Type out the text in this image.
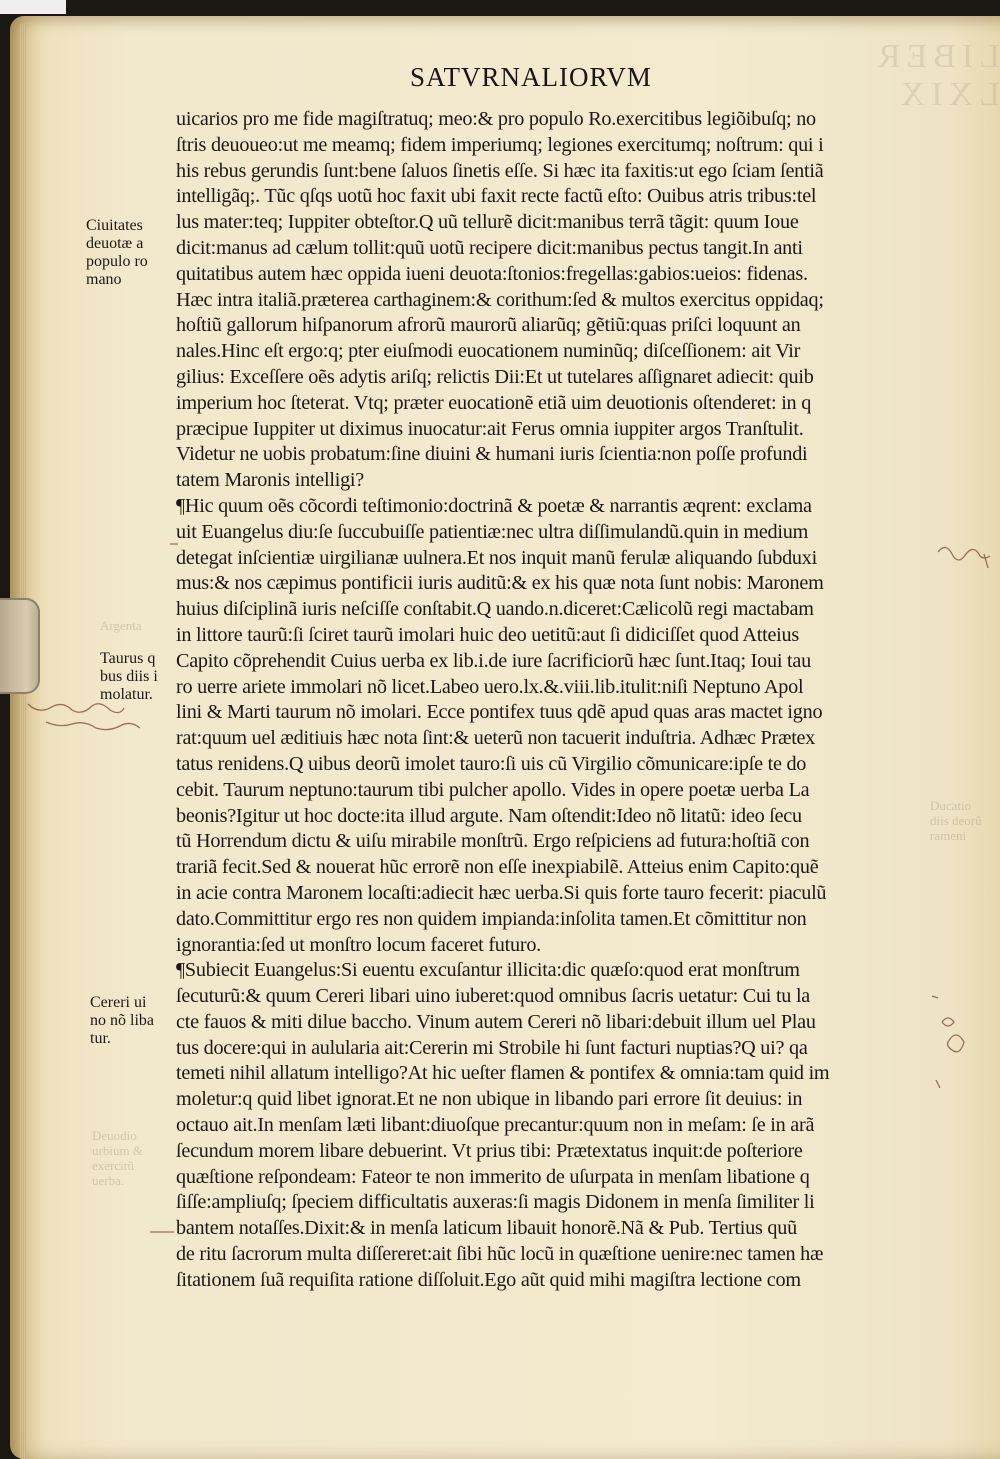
LIBER LXIX
Argenta

Ducatio
diis deorũ
rameni
Deuodio
urbium &
exercitũ
uerba.
SATVRNALIORVM
uicarios pro me fide magiſtratuq; meo:& pro populo Ro.exercitibus legiõibuſq; no
ſtris deuoueo:ut me meamq; fidem imperiumq; legiones exercitumq; noſtrum: qui i
his rebus gerundis ſunt:bene ſaluos ſinetis eſſe. Si hæc ita faxitis:ut ego ſciam ſentiã
intelligãq;. Tũc qſqs uotũ hoc faxit ubi faxit recte factũ eſto: Ouibus atris tribus:tel
lus mater:teq; Iuppiter obteſtor.Q uũ tellurẽ dicit:manibus terrã tãgit: quum Ioue
dicit:manus ad cælum tollit:quũ uotũ recipere dicit:manibus pectus tangit.In anti
quitatibus autem hæc oppida iueni deuota:ſtonios:fregellas:gabios:ueios: fidenas.
Hæc intra italiã.præterea carthaginem:& corithum:ſed & multos exercitus oppidaq;
hoſtiũ gallorum hiſpanorum afrorũ maurorũ aliarũq; gẽtiũ:quas priſci loquunt an
nales.Hinc eſt ergo:q; pter eiuſmodi euocationem numinũq; diſceſſionem: ait Vir
gilius: Exceſſere oẽs adytis ariſq; relictis Dii:Et ut tutelares aſſignaret adiecit: quib
imperium hoc ſteterat. Vtq; præter euocationẽ etiã uim deuotionis oſtenderet: in q
præcipue Iuppiter ut diximus inuocatur:ait Ferus omnia iuppiter argos Tranſtulit.
Videtur ne uobis probatum:ſine diuini & humani iuris ſcientia:non poſſe profundi
tatem Maronis intelligi?
¶Hic quum oẽs cõcordi teſtimonio:doctrinã & poetæ & narrantis æqrent: exclama
uit Euangelus diu:ſe ſuccubuiſſe patientiæ:nec ultra diſſimulandũ.quin in medium
detegat inſcientiæ uirgilianæ uulnera.Et nos inquit manũ ferulæ aliquando ſubduxi
mus:& nos cæpimus pontificii iuris auditũ:& ex his quæ nota ſunt nobis: Maronem
huius diſciplinã iuris neſciſſe conſtabit.Q uando.n.diceret:Cælicolũ regi mactabam
in littore taurũ:ſi ſciret taurũ imolari huic deo uetitũ:aut ſi didiciſſet quod Atteius
Capito cõprehendit Cuius uerba ex lib.i.de iure ſacrificiorũ hæc ſunt.Itaq; Ioui tau
ro uerre ariete immolari nõ licet.Labeo uero.lx.&.viii.lib.itulit:niſi Neptuno Apol
lini & Marti taurum nõ imolari. Ecce pontifex tuus qdẽ apud quas aras mactet igno
rat:quum uel æditiuis hæc nota ſint:& ueterũ non tacuerit induſtria. Adhæc Prætex
tatus renidens.Q uibus deorũ imolet tauro:ſi uis cũ Virgilio cõmunicare:ipſe te do
cebit. Taurum neptuno:taurum tibi pulcher apollo. Vides in opere poetæ uerba La
beonis?Igitur ut hoc docte:ita illud argute. Nam oſtendit:Ideo nõ litatũ: ideo ſecu
tũ Horrendum dictu & uiſu mirabile monſtrũ. Ergo reſpiciens ad futura:hoſtiã con
trariã fecit.Sed & nouerat hũc errorẽ non eſſe inexpiabilẽ. Atteius enim Capito:quẽ
in acie contra Maronem locaſti:adiecit hæc uerba.Si quis forte tauro fecerit: piaculũ
dato.Committitur ergo res non quidem impianda:inſolita tamen.Et cõmittitur non
ignorantia:ſed ut monſtro locum faceret futuro.
¶Subiecit Euangelus:Si euentu excuſantur illicita:dic quæſo:quod erat monſtrum
ſecuturũ:& quum Cereri libari uino iuberet:quod omnibus ſacris uetatur: Cui tu la
cte fauos & miti dilue baccho. Vinum autem Cereri nõ libari:debuit illum uel Plau
tus docere:qui in aulularia ait:Cererin mi Strobile hi ſunt facturi nuptias?Q ui? qa
temeti nihil allatum intelligo?At hic ueſter flamen & pontifex & omnia:tam quid im
moletur:q quid libet ignorat.Et ne non ubique in libando pari errore ſit deuius: in
octauo ait.In menſam læti libant:diuoſque precantur:quum non in meſam: ſe in arã
ſecundum morem libare debuerint. Vt prius tibi: Prætextatus inquit:de poſteriore
quæſtione reſpondeam: Fateor te non immerito de uſurpata in menſam libatione q
ſiſſe:ampliuſq; ſpeciem difficultatis auxeras:ſi magis Didonem in menſa ſimiliter li
bantem notaſſes.Dixit:& in menſa laticum libauit honorẽ.Nã & Pub. Tertius quũ
de ritu ſacrorum multa diſſereret:ait ſibi hũc locũ in quæſtione uenire:nec tamen hæ
ſitationem ſuã requiſita ratione diſſoluit.Ego aũt quid mihi magiſtra lectione com
Ciuitates
deuotæ a
populo ro
mano
Taurus q
bus diis i
molatur.
Cereri ui
no nõ liba
tur.
